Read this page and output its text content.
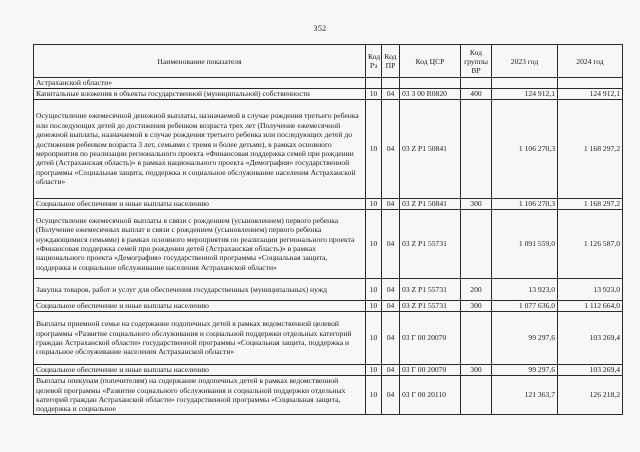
352
Наименование показателя	Код Рз	Код ПР	Код ЦСР	Код группы ВР	2023 год	2024 год
Астраханской области»						
Капитальные вложения в объекты государственной (муниципальной) собственности	10	04	03 3 00 R0820	400	124 912,1	124 912,1
Осуществление ежемесячной денежной выплаты, назначаемой в случае рождения третьего ребенка или последующих детей до достижения ребенком возраста трех лет (Получение ежемесячной денежной выплаты, назначаемой в случае рождения третьего ребенка или последующих детей до достижения ребенком возраста 3 лет, семьями с тремя и более детьми), в рамках основного мероприятия по реализации регионального проекта «Финансовая поддержка семей при рождении детей (Астраханская область)» в рамках национального проекта «Демография» государственной программы «Социальная защита, поддержка и социальное обслуживание населения Астраханской области»	10	04	03 Z P1 50841		1 106 270,3	1 168 297,2
Социальное обеспечение и иные выплаты населению	10	04	03 Z P1 50841	300	1 106 270,3	1 168 297,2
Осуществление ежемесячной выплаты в связи с рождением (усыновлением) первого ребенка (Получение ежемесячных выплат в связи с рождением (усыновлением) первого ребенка нуждающимися семьями) в рамках основного мероприятия по реализации регионального проекта «Финансовая поддержка семей при рождении детей (Астраханская область)» в рамках национального проекта «Демография» государственной программы «Социальная защита, поддержка и социальное обслуживание населения Астраханской области»	10	04	03 Z P1 55731		1 091 559,0	1 126 587,0
Закупка товаров, работ и услуг для обеспечения государственных (муниципальных) нужд	10	04	03 Z P1 55731	200	13 923,0	13 923,0
Социальное обеспечение и иные выплаты населению	10	04	03 Z P1 55731	300	1 077 636,0	1 112 664,0
Выплаты приемной семье на содержание подопечных детей в рамках ведомственной целевой программы «Развитие социального обслуживания и социальной поддержки отдельных категорий граждан Астраханской области» государственной программы «Социальная защита, поддержка и социальное обслуживание населения Астраханской области»	10	04	03 Г 00 20070		99 297,6	103 269,4
Социальное обеспечение и иные выплаты населению	10	04	03 Г 00 20070	300	99 297,6	103 269,4
Выплаты опекунам (попечителям) на содержание подопечных детей в рамках ведомственной целевой программы «Развитие социального обслуживания и социальной поддержки отдельных категорий граждан Астраханской области» государственной программы «Социальная защита, поддержка и социальное	10	04	03 Г 00 20110		121 363,7	126 218,2
